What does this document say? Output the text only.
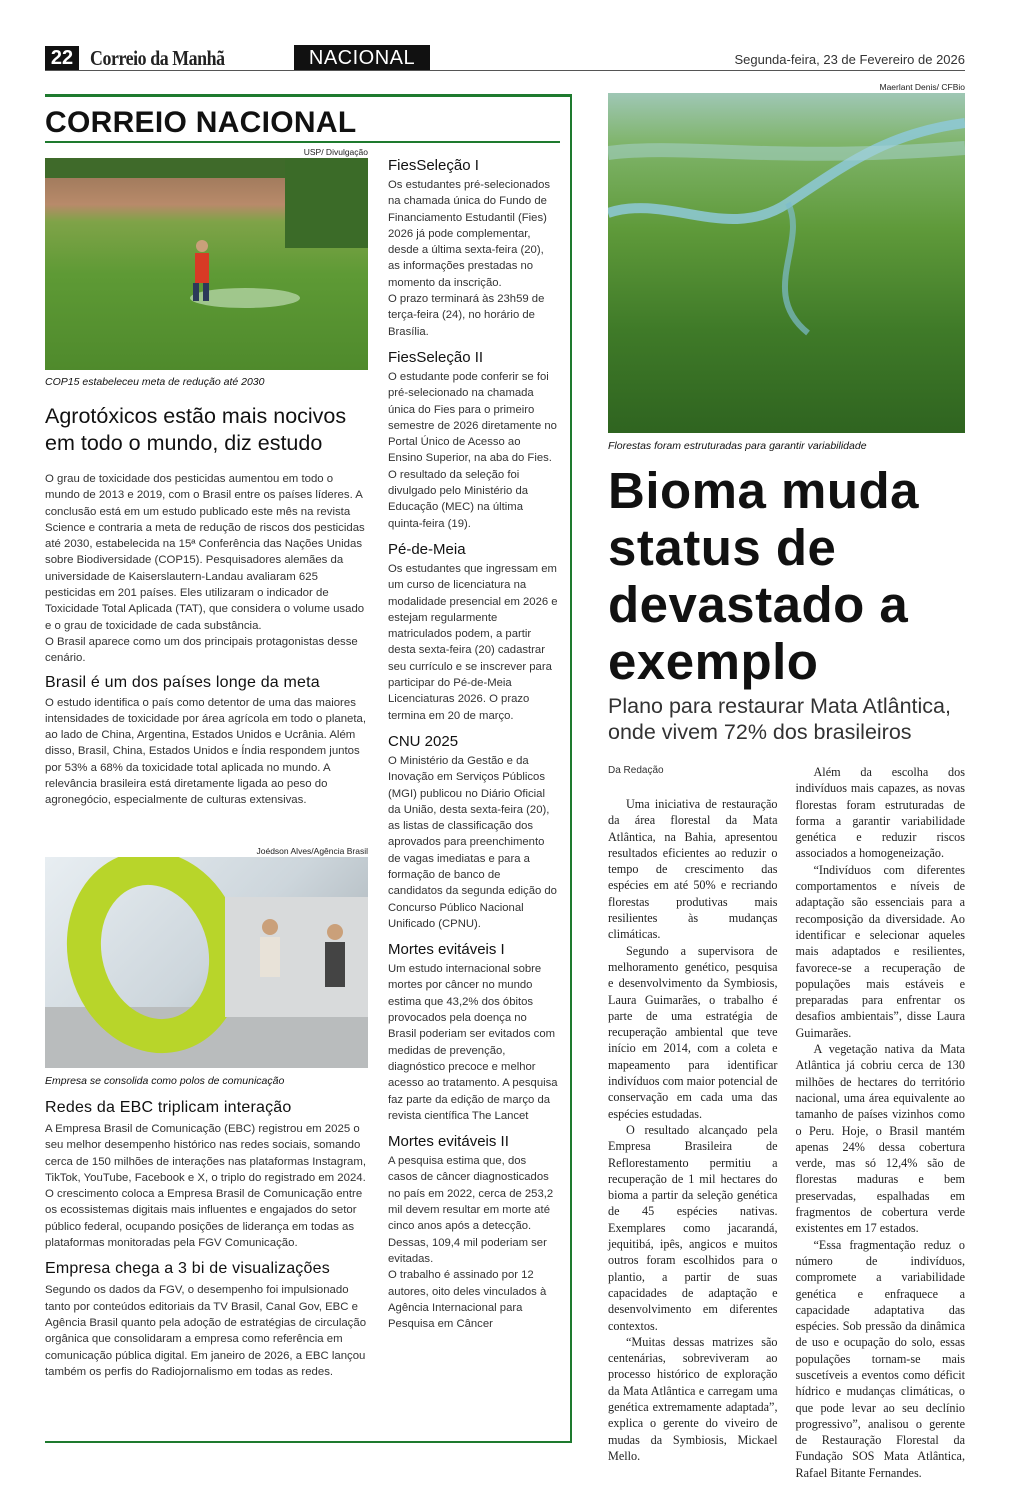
22 Correio da Manhã	NACIONAL	Segunda-feira, 23 de Fevereiro de 2026
CORREIO NACIONAL
USP/ Divulgação
COP15 estabeleceu meta de redução até 2030
Agrotóxicos estão mais nocivos em todo o mundo, diz estudo

O grau de toxicidade dos pesticidas aumentou em todo o mundo de 2013 e 2019, com o Brasil entre os países líderes. A conclusão está em um estudo publicado este mês na revista Science e contraria a meta de redução de riscos dos pesticidas até 2030, estabelecida na 15ª Conferência das Nações Unidas sobre Biodiversidade (COP15). Pesquisadores alemães da universidade de Kaiserslautern-Landau avaliaram 625 pesticidas em 201 países. Eles utilizaram o indicador de Toxicidade Total Aplicada (TAT), que considera o volume usado e o grau de toxicidade de cada substância.

O Brasil aparece como um dos principais protagonistas desse cenário.

Brasil é um dos países longe da meta

O estudo identifica o país como detentor de uma das maiores intensidades de toxicidade por área agrícola em todo o planeta, ao lado de China, Argentina, Estados Unidos e Ucrânia. Além disso, Brasil, China, Estados Unidos e Índia respondem juntos por 53% a 68% da toxicidade total aplicada no mundo. A relevância brasileira está diretamente ligada ao peso do agronegócio, especialmente de culturas extensivas.

Joédson Alves/Agência Brasil
Empresa se consolida como polos de comunicação
Redes da EBC triplicam interação

A Empresa Brasil de Comunicação (EBC) registrou em 2025 o seu melhor desempenho histórico nas redes sociais, somando cerca de 150 milhões de interações nas plataformas Instagram, TikTok, YouTube, Facebook e X, o triplo do registrado em 2024.

O crescimento coloca a Empresa Brasil de Comunicação entre os ecossistemas digitais mais influentes e engajados do setor público federal, ocupando posições de liderança em todas as plataformas monitoradas pela FGV Comunicação.

Empresa chega a 3 bi de visualizações

Segundo os dados da FGV, o desempenho foi impulsionado tanto por conteúdos editoriais da TV Brasil, Canal Gov, EBC e Agência Brasil quanto pela adoção de estratégias de circulação orgânica que consolidaram a empresa como referência em comunicação pública digital. Em janeiro de 2026, a EBC lançou também os perfis do Radiojornalismo em todas as redes.

FiesSeleção I

Os estudantes pré-selecionados na chamada única do Fundo de Financiamento Estudantil (Fies) 2026 já pode complementar, desde a última sexta-feira (20), as informações prestadas no momento da inscrição.

O prazo terminará às 23h59 de terça-feira (24), no horário de Brasília.

FiesSeleção II

O estudante pode conferir se foi pré-selecionado na chamada única do Fies para o primeiro semestre de 2026 diretamente no Portal Único de Acesso ao Ensino Superior, na aba do Fies.

O resultado da seleção foi divulgado pelo Ministério da Educação (MEC) na última quinta-feira (19).

Pé-de-Meia

Os estudantes que ingressam em um curso de licenciatura na modalidade presencial em 2026 e estejam regularmente matriculados podem, a partir desta sexta-feira (20) cadastrar seu currículo e se inscrever para participar do Pé-de-Meia Licenciaturas 2026. O prazo termina em 20 de março.

CNU 2025

O Ministério da Gestão e da Inovação em Serviços Públicos (MGI) publicou no Diário Oficial da União, desta sexta-feira (20), as listas de classificação dos aprovados para preenchimento de vagas imediatas e para a formação de banco de candidatos da segunda edição do Concurso Público Nacional Unificado (CPNU).

Mortes evitáveis I

Um estudo internacional sobre mortes por câncer no mundo estima que 43,2% dos óbitos provocados pela doença no Brasil poderiam ser evitados com medidas de prevenção, diagnóstico precoce e melhor acesso ao tratamento. A pesquisa faz parte da edição de março da revista científica The Lancet

Mortes evitáveis II

A pesquisa estima que, dos casos de câncer diagnosticados no país em 2022, cerca de 253,2 mil devem resultar em morte até cinco anos após a detecção. Dessas, 109,4 mil poderiam ser evitadas.

O trabalho é assinado por 12 autores, oito deles vinculados à Agência Internacional para Pesquisa em Câncer

Maerlant Denis/ CFBio
Florestas foram estruturadas para garantir variabilidade
Bioma muda status de devastado a exemplo
Plano para restaurar Mata Atlântica, onde vivem 72% dos brasileiros
Da Redação

Uma iniciativa de restauração da área florestal da Mata Atlântica, na Bahia, apresentou resultados eficientes ao reduzir o tempo de crescimento das espécies em até 50% e recriando florestas produtivas mais resilientes às mudanças climáticas.

Segundo a supervisora de melhoramento genético, pesquisa e desenvolvimento da Symbiosis, Laura Guimarães, o trabalho é parte de uma estratégia de recuperação ambiental que teve início em 2014, com a coleta e mapeamento para identificar indivíduos com maior potencial de conservação em cada uma das espécies estudadas.

O resultado alcançado pela Empresa Brasileira de Reflorestamento permitiu a recuperação de 1 mil hectares do bioma a partir da seleção genética de 45 espécies nativas. Exemplares como jacarandá, jequitibá, ipês, angicos e muitos outros foram escolhidos para o plantio, a partir de suas capacidades de adaptação e desenvolvimento em diferentes contextos.

“Muitas dessas matrizes são centenárias, sobreviveram ao processo histórico de exploração da Mata Atlântica e carregam uma genética extremamente adaptada”, explica o gerente do viveiro de mudas da Symbiosis, Mickael Mello.

Além da escolha dos indivíduos mais capazes, as novas florestas foram estruturadas de forma a garantir variabilidade genética e reduzir riscos associados a homogeneização.

“Indivíduos com diferentes comportamentos e níveis de adaptação são essenciais para a recomposição da diversidade. Ao identificar e selecionar aqueles mais adaptados e resilientes, favorece-se a recuperação de populações mais estáveis e preparadas para enfrentar os desafios ambientais”, disse Laura Guimarães.

A vegetação nativa da Mata Atlântica já cobriu cerca de 130 milhões de hectares do território nacional, uma área equivalente ao tamanho de países vizinhos como o Peru. Hoje, o Brasil mantém apenas 24% dessa cobertura verde, mas só 12,4% são de florestas maduras e bem preservadas, espalhadas em fragmentos de cobertura verde existentes em 17 estados.

“Essa fragmentação reduz o número de indivíduos, compromete a variabilidade genética e enfraquece a capacidade adaptativa das espécies. Sob pressão da dinâmica de uso e ocupação do solo, essas populações tornam-se mais suscetíveis a eventos como déficit hídrico e mudanças climáticas, o que pode levar ao seu declínio progressivo”, analisou o gerente de Restauração Florestal da Fundação SOS Mata Atlântica, Rafael Bitante Fernandes.
